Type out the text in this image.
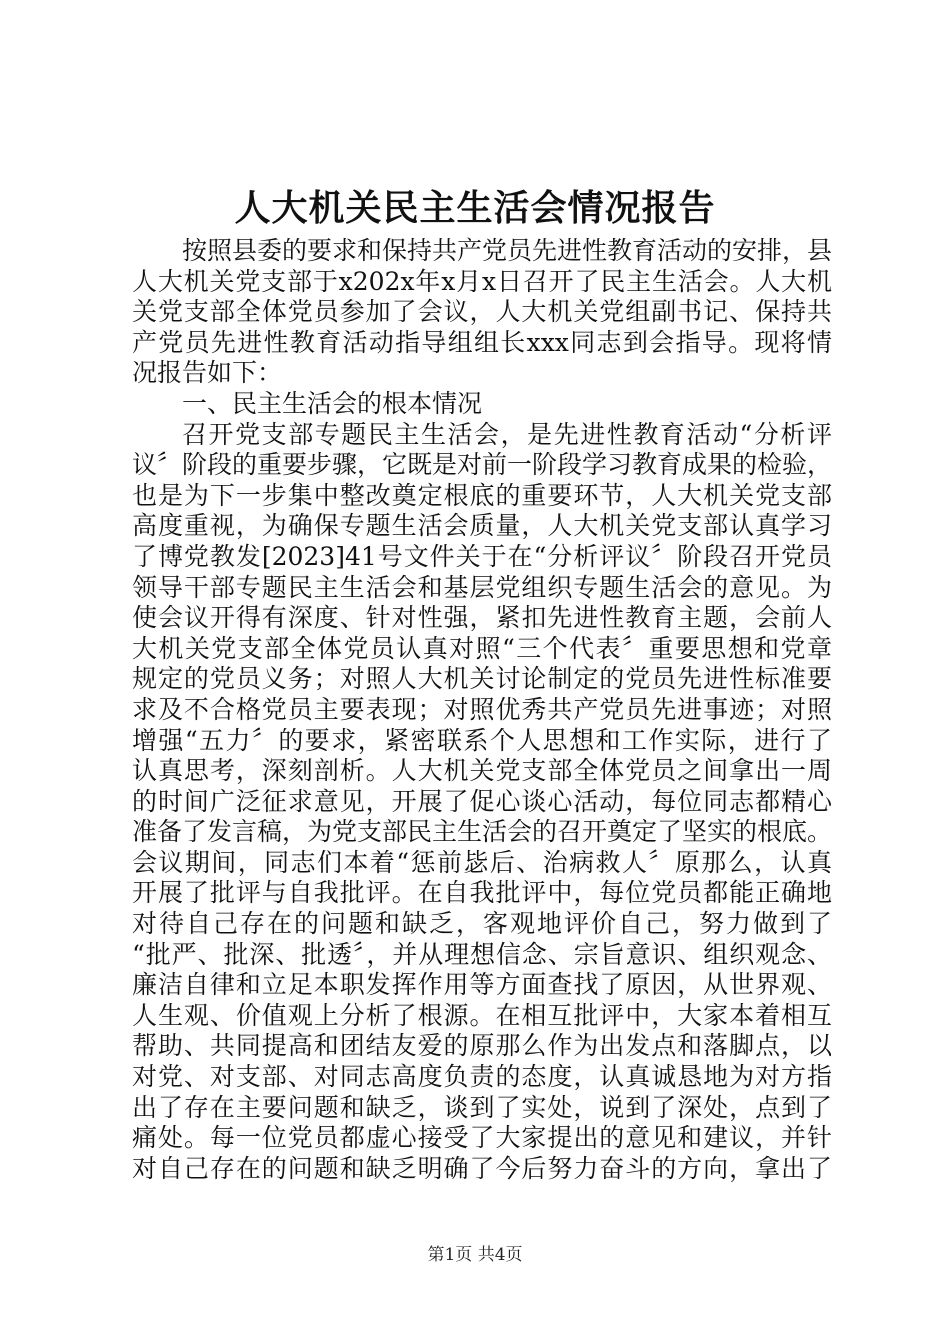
人大机关民主生活会情况报告
按照县委的要求和保持共产党员先进性教育活动的安排，县
人大机关党支部于x202x年x月x日召开了民主生活会。人大机
关党支部全体党员参加了会议，人大机关党组副书记、保持共
产党员先进性教育活动指导组组长xxx同志到会指导。现将情
况报告如下：
一、民主生活会的根本情况
召开党支部专题民主生活会，是先进性教育活动“分析评
议〞阶段的重要步骤，它既是对前一阶段学习教育成果的检验，
也是为下一步集中整改奠定根底的重要环节，人大机关党支部
高度重视，为确保专题生活会质量，人大机关党支部认真学习
了博党教发[2023]41号文件关于在“分析评议〞阶段召开党员
领导干部专题民主生活会和基层党组织专题生活会的意见。为
使会议开得有深度、针对性强，紧扣先进性教育主题，会前人
大机关党支部全体党员认真对照“三个代表〞重要思想和党章
规定的党员义务；对照人大机关讨论制定的党员先进性标准要
求及不合格党员主要表现；对照优秀共产党员先进事迹；对照
增强“五力〞的要求，紧密联系个人思想和工作实际，进行了
认真思考，深刻剖析。人大机关党支部全体党员之间拿出一周
的时间广泛征求意见，开展了促心谈心活动，每位同志都精心
准备了发言稿，为党支部民主生活会的召开奠定了坚实的根底。
会议期间，同志们本着“惩前毖后、治病救人〞原那么，认真
开展了批评与自我批评。在自我批评中，每位党员都能正确地
对待自己存在的问题和缺乏，客观地评价自己，努力做到了
“批严、批深、批透〞，并从理想信念、宗旨意识、组织观念、
廉洁自律和立足本职发挥作用等方面查找了原因，从世界观、
人生观、价值观上分析了根源。在相互批评中，大家本着相互
帮助、共同提高和团结友爱的原那么作为出发点和落脚点，以
对党、对支部、对同志高度负责的态度，认真诚恳地为对方指
出了存在主要问题和缺乏，谈到了实处，说到了深处，点到了
痛处。每一位党员都虚心接受了大家提出的意见和建议，并针
对自己存在的问题和缺乏明确了今后努力奋斗的方向，拿出了
第1页 共4页
